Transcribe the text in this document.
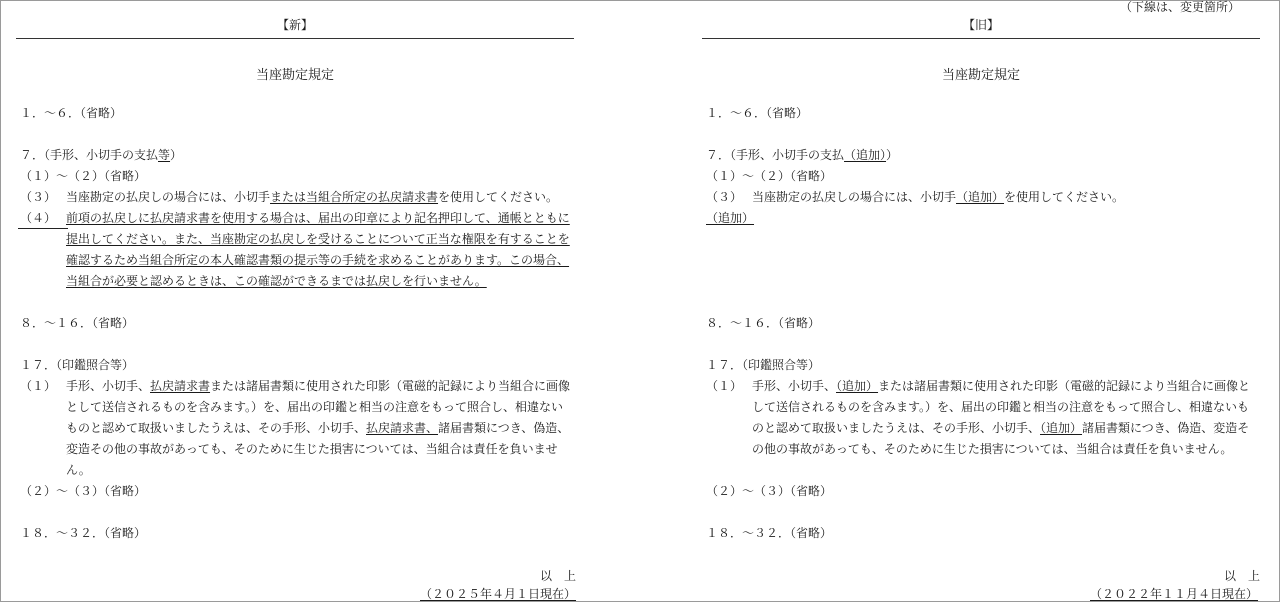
（下線は、変更箇所）
【新】
当座勘定規定
１．～６．（省略）
７．（手形、小切手の支払等）
（１）～（２）（省略）
（３） 当座勘定の払戻しの場合には、小切手または当組合所定の払戻請求書を使用してください。
（４） 前項の払戻しに払戻請求書を使用する場合は、届出の印章により記名押印して、通帳とともに
提出してください。また、当座勘定の払戻しを受けることについて正当な権限を有することを
確認するため当組合所定の本人確認書類の提示等の手続を求めることがあります。この場合、
当組合が必要と認めるときは、この確認ができるまでは払戻しを行いません。
８．～１６．（省略）
１７．（印鑑照合等）
（１） 手形、小切手、払戻請求書または諸届書類に使用された印影（電磁的記録により当組合に画像
として送信されるものを含みます。）を、届出の印鑑と相当の注意をもって照合し、相違ない
ものと認めて取扱いましたうえは、その手形、小切手、払戻請求書、諸届書類につき、偽造、
変造その他の事故があっても、そのために生じた損害については、当組合は責任を負いませ
ん。
（２）～（３）（省略）
１８．～３２．（省略）
以　上
（２０２５年４月１日現在）
【旧】
当座勘定規定
１．～６．（省略）
７．（手形、小切手の支払（追加））
（１）～（２）（省略）
（３） 当座勘定の払戻しの場合には、小切手（追加）を使用してください。
（追加）
８．～１６．（省略）
１７．（印鑑照合等）
（１） 手形、小切手、（追加）または諸届書類に使用された印影（電磁的記録により当組合に画像と
して送信されるものを含みます。）を、届出の印鑑と相当の注意をもって照合し、相違ないも
のと認めて取扱いましたうえは、その手形、小切手、（追加）諸届書類につき、偽造、変造そ
の他の事故があっても、そのために生じた損害については、当組合は責任を負いません。
（２）～（３）（省略）
１８．～３２．（省略）
以　上
（２０２２年１１月４日現在）
